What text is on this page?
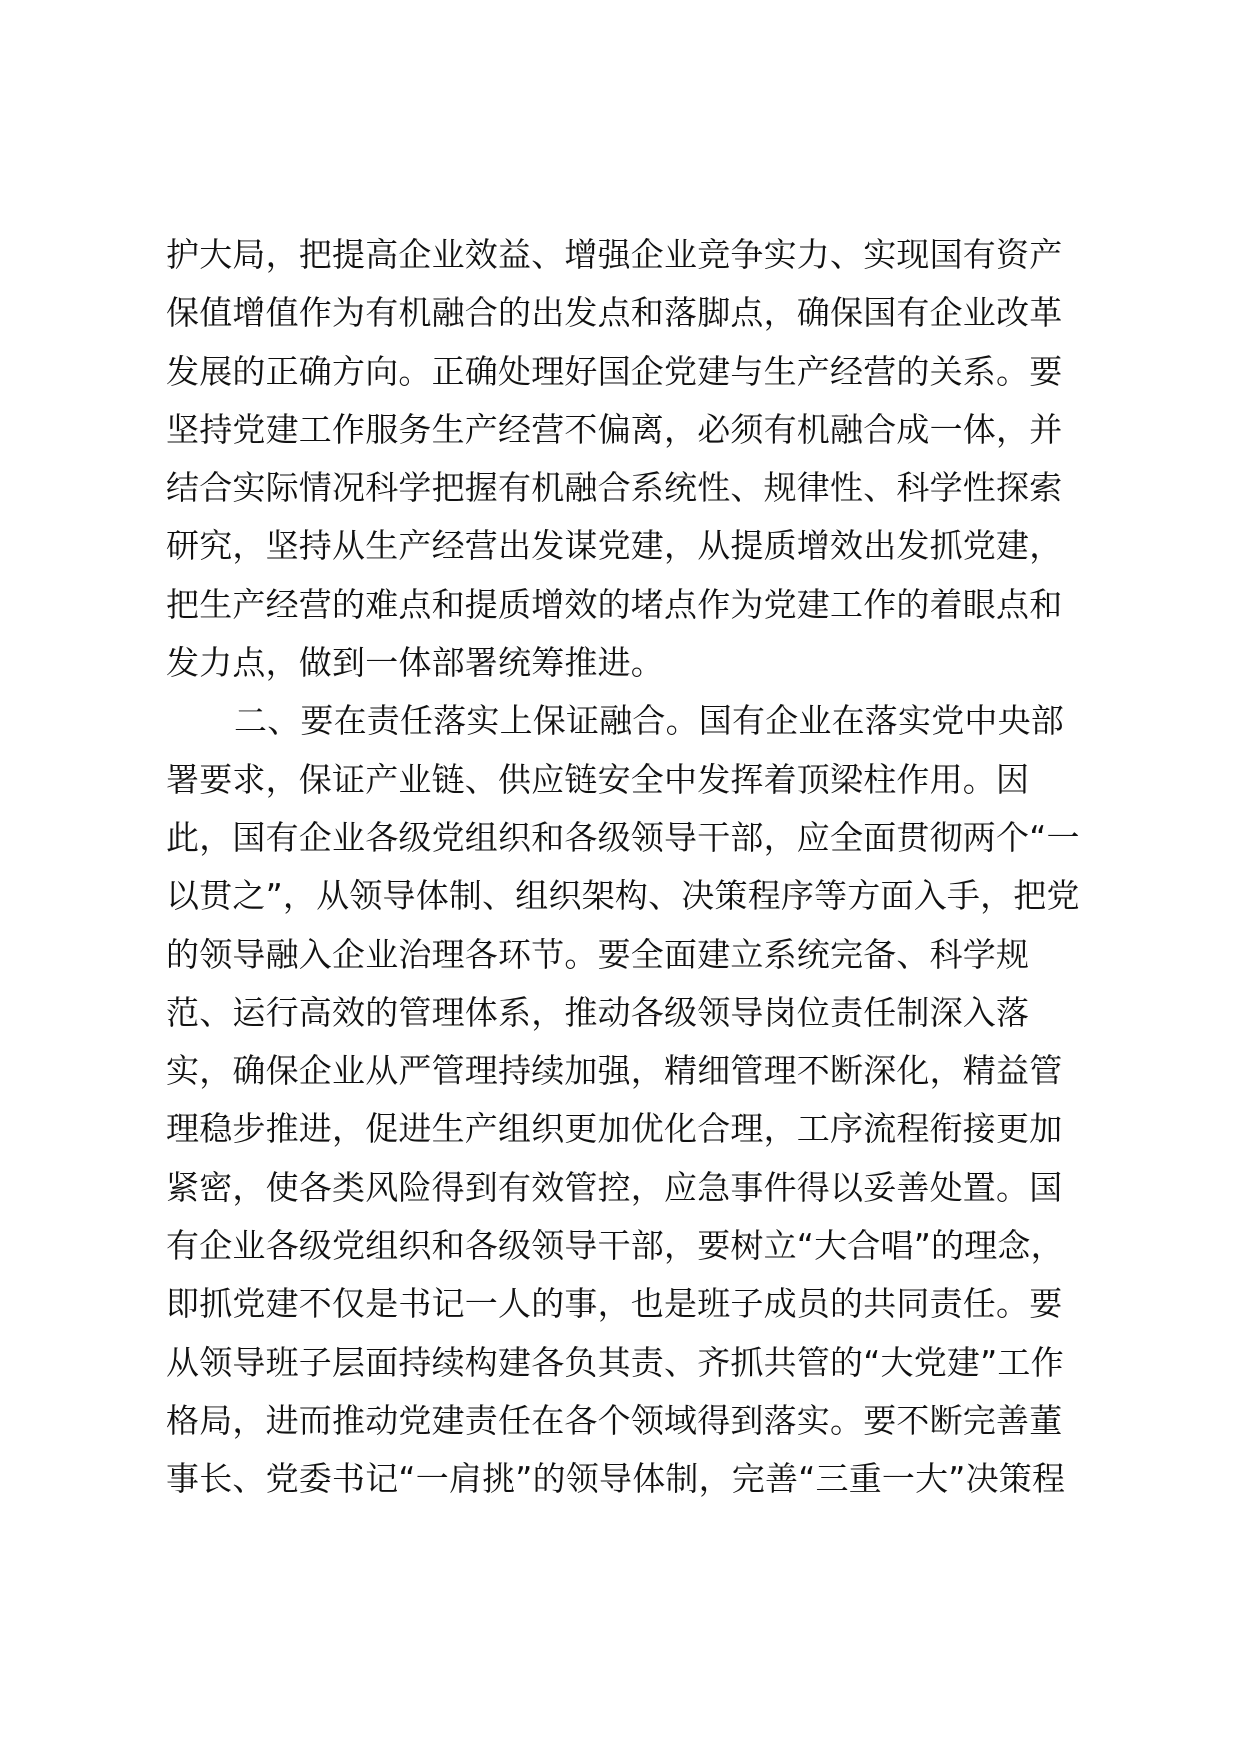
护大局，把提高企业效益、增强企业竞争实力、实现国有资产
保值增值作为有机融合的出发点和落脚点，确保国有企业改革
发展的正确方向。正确处理好国企党建与生产经营的关系。要
坚持党建工作服务生产经营不偏离，必须有机融合成一体，并
结合实际情况科学把握有机融合系统性、规律性、科学性探索
研究，坚持从生产经营出发谋党建，从提质增效出发抓党建，
把生产经营的难点和提质增效的堵点作为党建工作的着眼点和
发力点，做到一体部署统筹推进。
二、要在责任落实上保证融合。国有企业在落实党中央部
署要求，保证产业链、供应链安全中发挥着顶梁柱作用。因
此，国有企业各级党组织和各级领导干部，应全面贯彻两个“一
以贯之”，从领导体制、组织架构、决策程序等方面入手，把党
的领导融入企业治理各环节。要全面建立系统完备、科学规
范、运行高效的管理体系，推动各级领导岗位责任制深入落
实，确保企业从严管理持续加强，精细管理不断深化，精益管
理稳步推进，促进生产组织更加优化合理，工序流程衔接更加
紧密，使各类风险得到有效管控，应急事件得以妥善处置。国
有企业各级党组织和各级领导干部，要树立“大合唱”的理念，
即抓党建不仅是书记一人的事，也是班子成员的共同责任。要
从领导班子层面持续构建各负其责、齐抓共管的“大党建”工作
格局，进而推动党建责任在各个领域得到落实。要不断完善董
事长、党委书记“一肩挑”的领导体制，完善“三重一大”决策程
